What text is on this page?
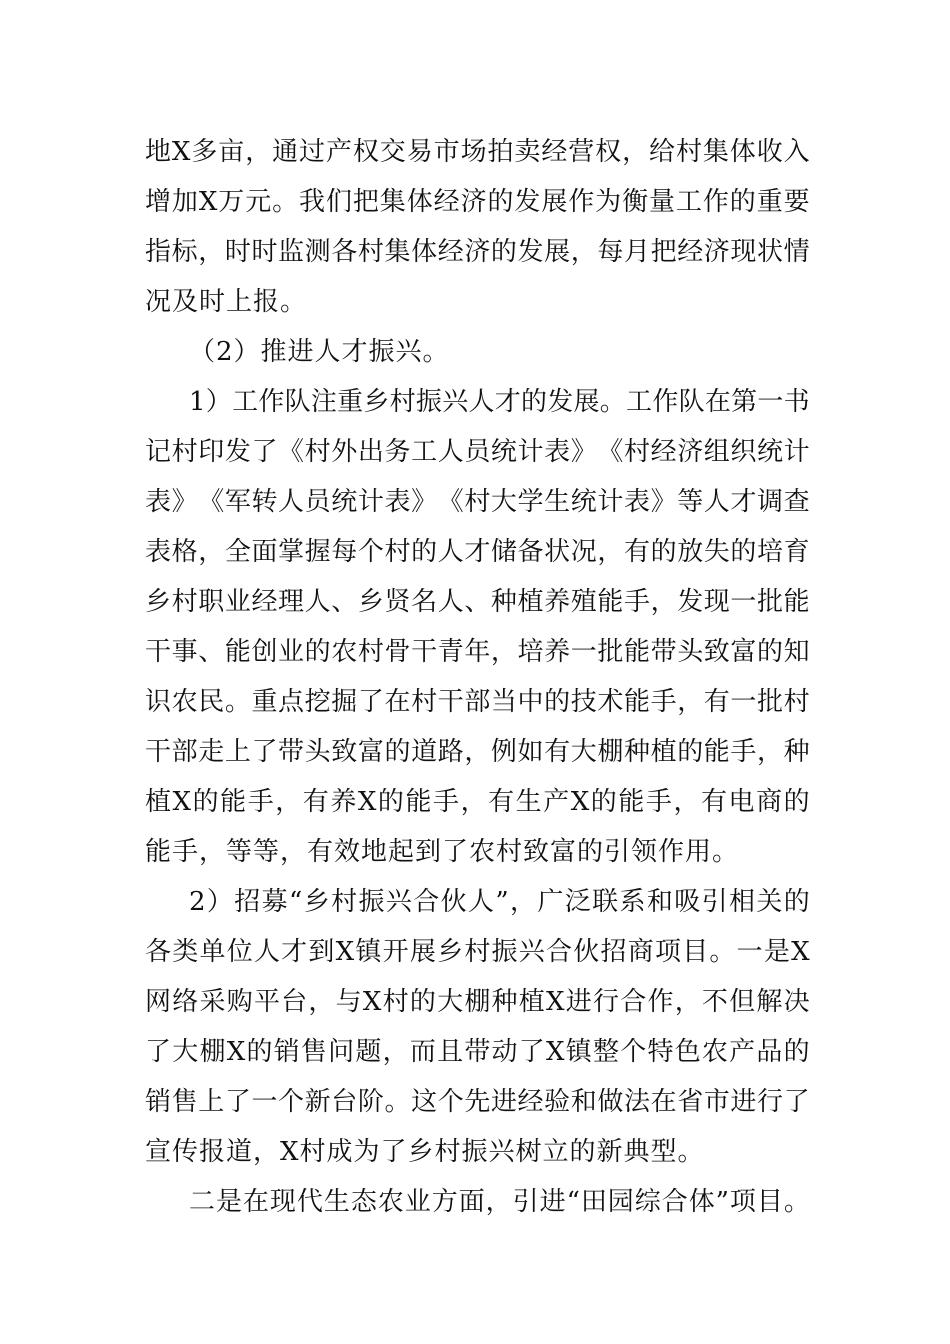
地 X 多 亩 ， 通 过 产 权 交 易 市 场 拍 卖 经 营 权 ， 给 村 集 体 收 入
增 加 X 万 元 。 我 们 把 集 体 经 济 的 发 展 作 为 衡 量 工 作 的 重 要
指 标 ， 时 时 监 测 各 村 集 体 经 济 的 发 展 ， 每 月 把 经 济 现 状 情
况及时上报。
（2）推进人才振兴。
1 ） 工 作 队 注 重 乡 村 振 兴 人 才 的 发 展 。 工 作 队 在 第 一 书
记 村 印 发 了 《 村 外 出 务 工 人 员 统 计 表 》 《 村 经 济 组 织 统 计
表 》 《 军 转 人 员 统 计 表 》 《 村 大 学 生 统 计 表 》 等 人 才 调 查
表 格 ， 全 面 掌 握 每 个 村 的 人 才 储 备 状 况 ， 有 的 放 失 的 培 育
乡 村 职 业 经 理 人 、 乡 贤 名 人 、 种 植 养 殖 能 手 ， 发 现 一 批 能
干 事 、 能 创 业 的 农 村 骨 干 青 年 ， 培 养 一 批 能 带 头 致 富 的 知
识 农 民 。 重 点 挖 掘 了 在 村 干 部 当 中 的 技 术 能 手 ， 有 一 批 村
干 部 走 上 了 带 头 致 富 的 道 路 ， 例 如 有 大 棚 种 植 的 能 手 ， 种
植 X 的 能 手 ， 有 养 X 的 能 手 ， 有 生 产 X 的 能 手 ， 有 电 商 的
能手，等等，有效地起到了农村致富的引领作用。
2 ） 招 募 “ 乡 村 振 兴 合 伙 人 ” ， 广 泛 联 系 和 吸 引 相 关 的
各 类 单 位 人 才 到 X 镇 开 展 乡 村 振 兴 合 伙 招 商 项 目 。 一 是 X
网 络 采 购 平 台 ， 与 X 村 的 大 棚 种 植 X 进 行 合 作 ， 不 但 解 决
了 大 棚 X 的 销 售 问 题 ， 而 且 带 动 了 X 镇 整 个 特 色 农 产 品 的
销 售 上 了 一 个 新 台 阶 。 这 个 先 进 经 验 和 做 法 在 省 市 进 行 了
宣传报道，X村成为了乡村振兴树立的新典型。
二 是 在 现 代 生 态 农 业 方 面 ， 引 进 “ 田 园 综 合 体 ” 项 目 。
